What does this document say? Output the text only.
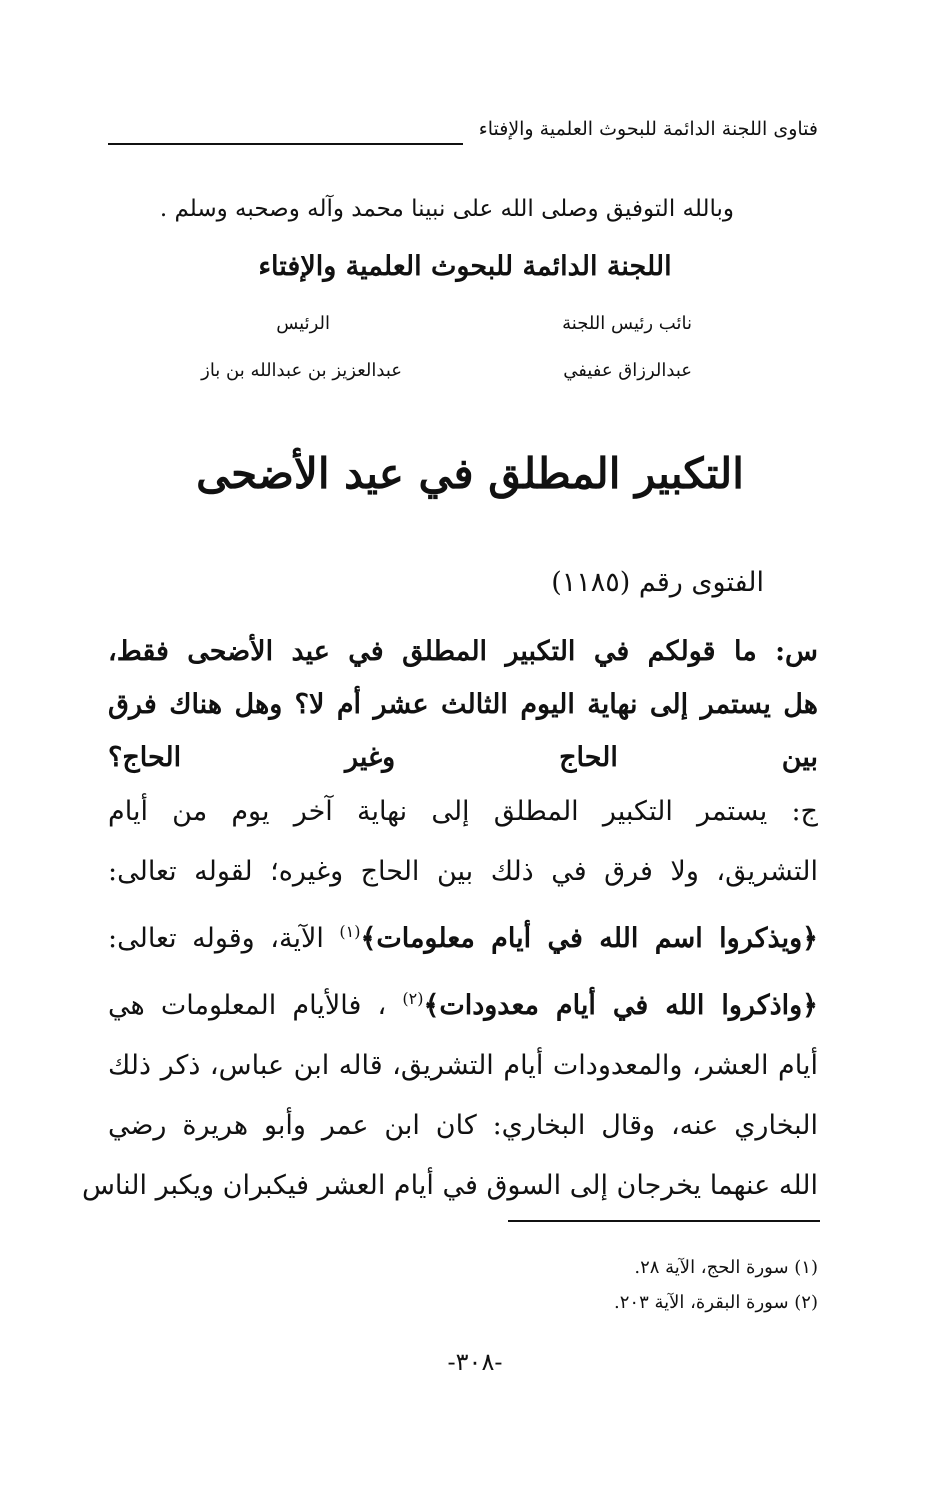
فتاوى اللجنة الدائمة للبحوث العلمية والإفتاء
وبالله التوفيق وصلى الله على نبينا محمد وآله وصحبه وسلم .
اللجنة الدائمة للبحوث العلمية والإفتاء
نائب رئيس اللجنة
عبدالرزاق عفيفي
الرئيس
عبدالعزيز بن عبدالله بن باز
التكبير المطلق في عيد الأضحى
الفتوى رقم (١١٨٥)
س: ما قولكم في التكبير المطلق في عيد الأضحى فقط،
هل يستمر إلى نهاية اليوم الثالث عشر أم لا؟ وهل هناك فرق
بين الحاج وغير الحاج؟
ج: يستمر التكبير المطلق إلى نهاية آخر يوم من أيام
التشريق، ولا فرق في ذلك بين الحاج وغيره؛ لقوله تعالى:
﴿ويذكروا اسم الله في أيام معلومات﴾$^{(١)}$ الآية، وقوله تعالى:
﴿واذكروا الله في أيام معدودات﴾$^{(٢)}$ ، فالأيام المعلومات هي
أيام العشر، والمعدودات أيام التشريق، قاله ابن عباس، ذكر ذلك
البخاري عنه، وقال البخاري: كان ابن عمر وأبو هريرة رضي
الله عنهما يخرجان إلى السوق في أيام العشر فيكبران ويكبر الناس
(١) سورة الحج، الآية ٢٨.
(٢) سورة البقرة، الآية ٢٠٣.
-٣٠٨-
